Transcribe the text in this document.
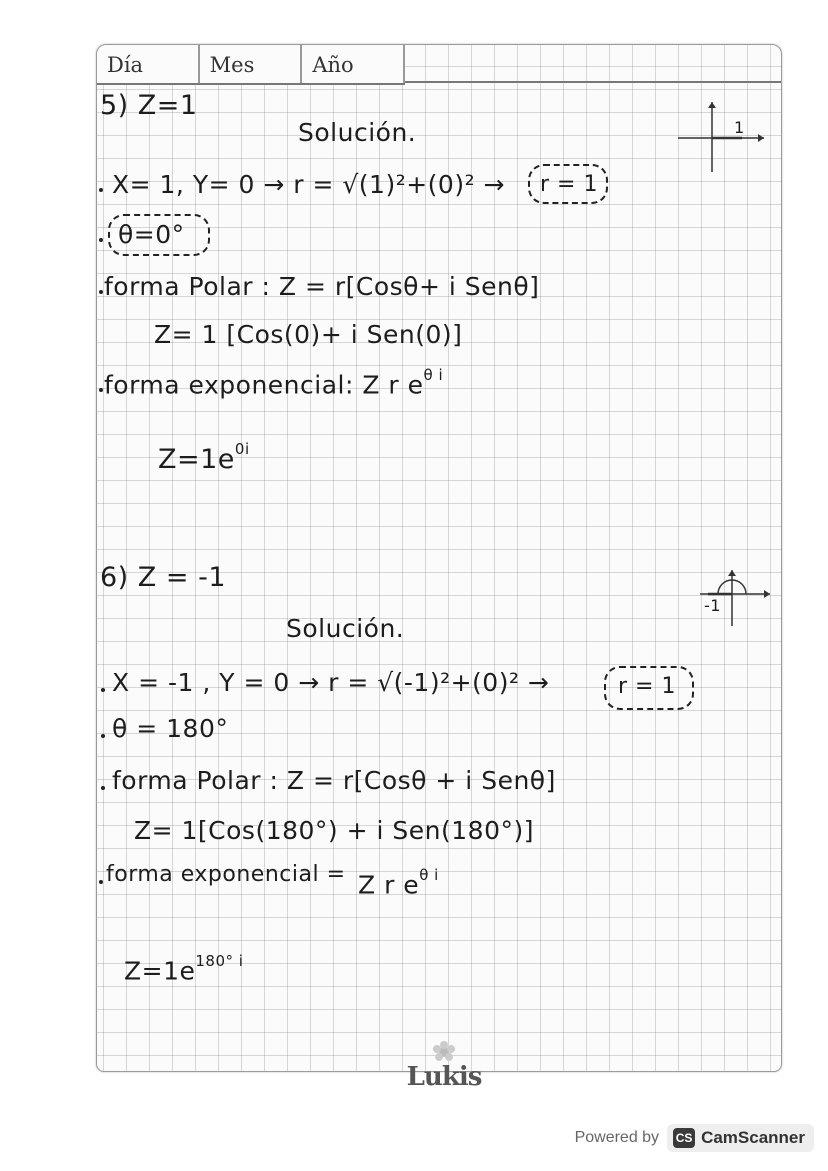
Día	Mes	Año
5) Z=1
Solución.
X= 1, Y= 0 → r = √(1)²+(0)² → r = 1
θ=0°
forma Polar : Z = r[Cosθ+ i Senθ]
Z= 1 [Cos(0)+ i Sen(0)]
forma exponencial: Z r $e^{\theta i}$
$Z=1e^{0i}$
1
6) Z = -1
Solución.
X = -1 , Y = 0 → r = √(-1)²+(0)² →	r = 1
θ = 180°
forma Polar : Z = r[Cosθ + i Senθ]
Z= 1[Cos(180°) + i Sen(180°)]
forma exponencial = Z r $e^{\theta i}$
$Z=1e^{180^\circ i}$
-1
Lukis
Powered by CS CamScanner
